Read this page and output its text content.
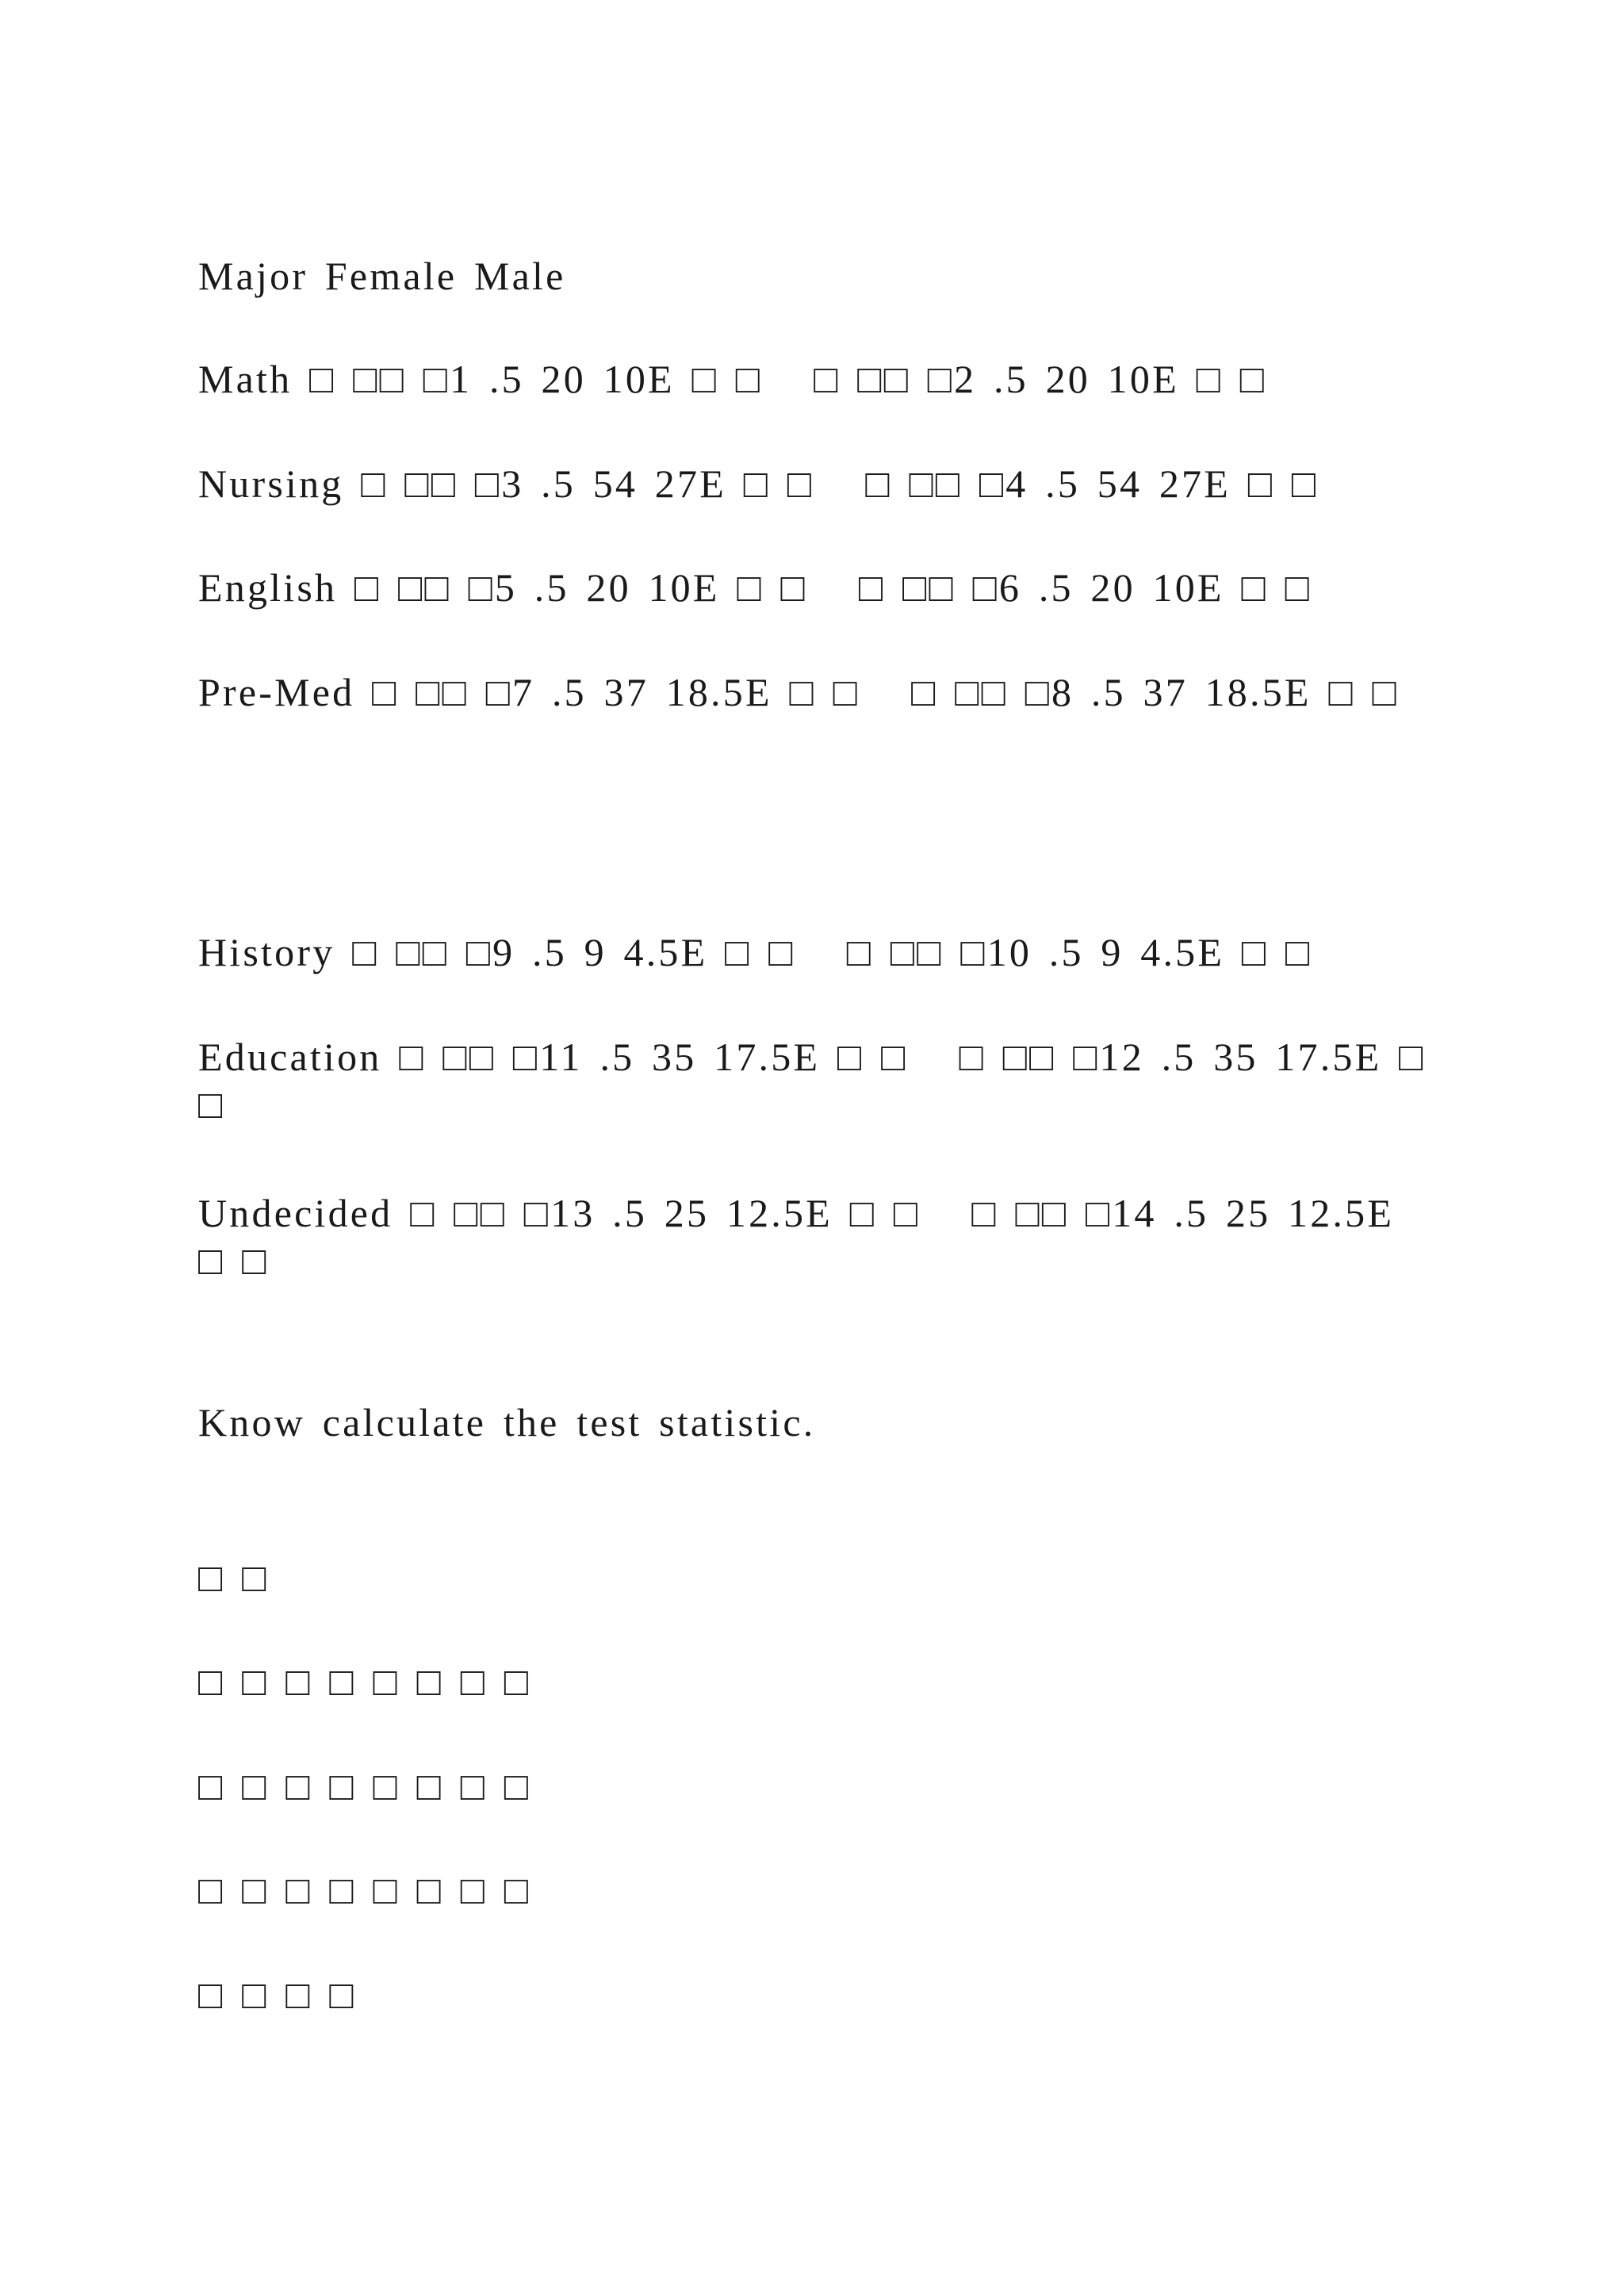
Major Female Male
Math □ □□ □1 .5 20 10E □ □   □ □□ □2 .5 20 10E □ □
Nursing □ □□ □3 .5 54 27E □ □   □ □□ □4 .5 54 27E □ □
English □ □□ □5 .5 20 10E □ □   □ □□ □6 .5 20 10E □ □
Pre-Med □ □□ □7 .5 37 18.5E □ □   □ □□ □8 .5 37 18.5E □ □
History □ □□ □9 .5 9 4.5E □ □   □ □□ □10 .5 9 4.5E □ □
Education □ □□ □11 .5 35 17.5E □ □   □ □□ □12 .5 35 17.5E □ □
Undecided □ □□ □13 .5 25 12.5E □ □   □ □□ □14 .5 25 12.5E □ □
Know calculate the test statistic.
□ □
□ □ □ □ □ □ □ □
□ □ □ □ □ □ □ □
□ □ □ □ □ □ □ □
□ □ □ □
